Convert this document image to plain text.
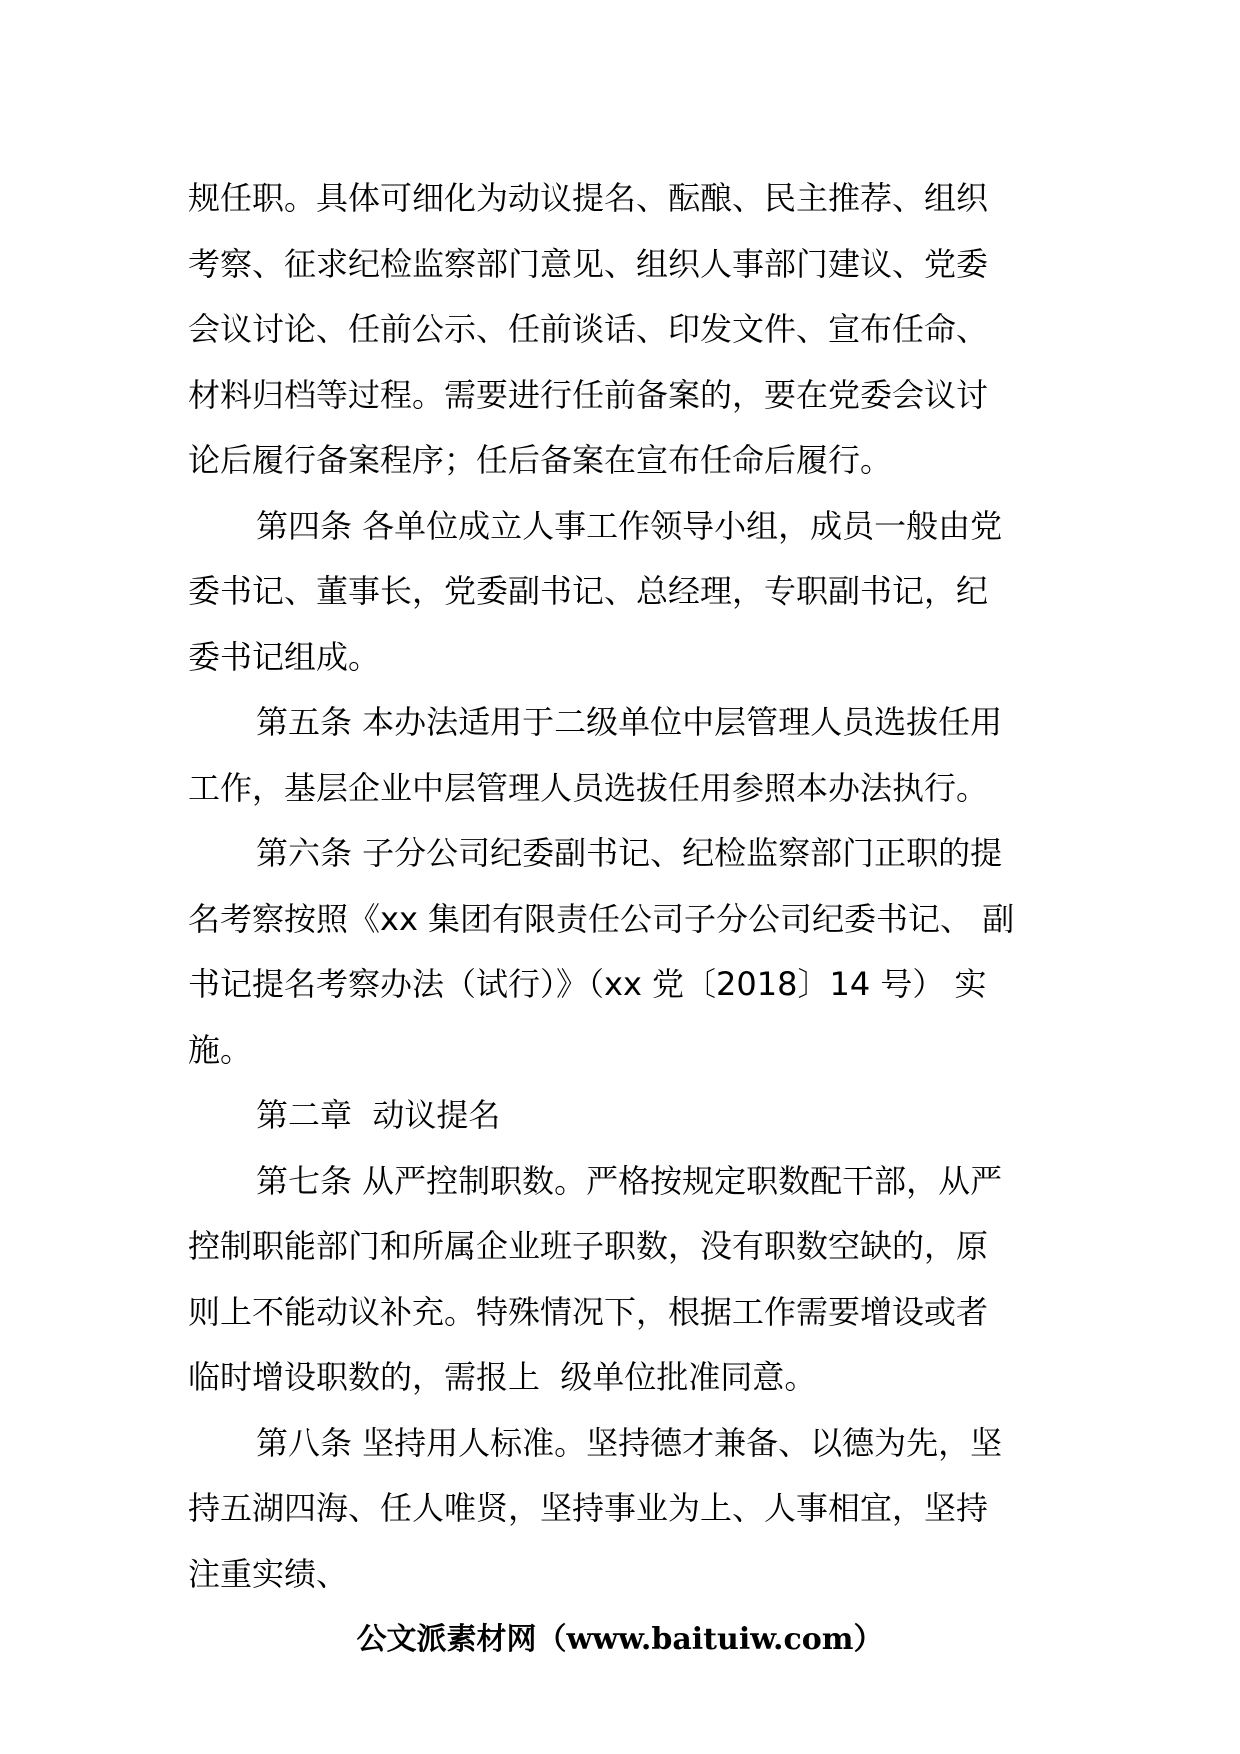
规任职。具体可细化为动议提名、酝酿、民主推荐、组织
考察、征求纪检监察部门意见、组织人事部门建议、党委
会议讨论、任前公示、任前谈话、印发文件、宣布任命、
材料归档等过程。需要进行任前备案的，要在党委会议讨
论后履行备案程序；任后备案在宣布任命后履行。
第四条 各单位成立人事工作领导小组，成员一般由党
委书记、董事长，党委副书记、总经理，专职副书记，纪
委书记组成。
第五条 本办法适用于二级单位中层管理人员选拔任用
工作，基层企业中层管理人员选拔任用参照本办法执行。
第六条 子分公司纪委副书记、纪检监察部门正职的提
名考察按照《xx 集团有限责任公司子分公司纪委书记、 副
书记提名考察办法（试行）》（xx 党〔2018〕14 号） 实
施。
第二章  动议提名
第七条 从严控制职数。严格按规定职数配干部，从严
控制职能部门和所属企业班子职数，没有职数空缺的，原
则上不能动议补充。特殊情况下，根据工作需要增设或者
临时增设职数的，需报上  级单位批准同意。
第八条 坚持用人标准。坚持德才兼备、以德为先，坚
持五湖四海、任人唯贤，坚持事业为上、人事相宜，坚持
注重实绩、
公文派素材网（www.baituiw.com）
